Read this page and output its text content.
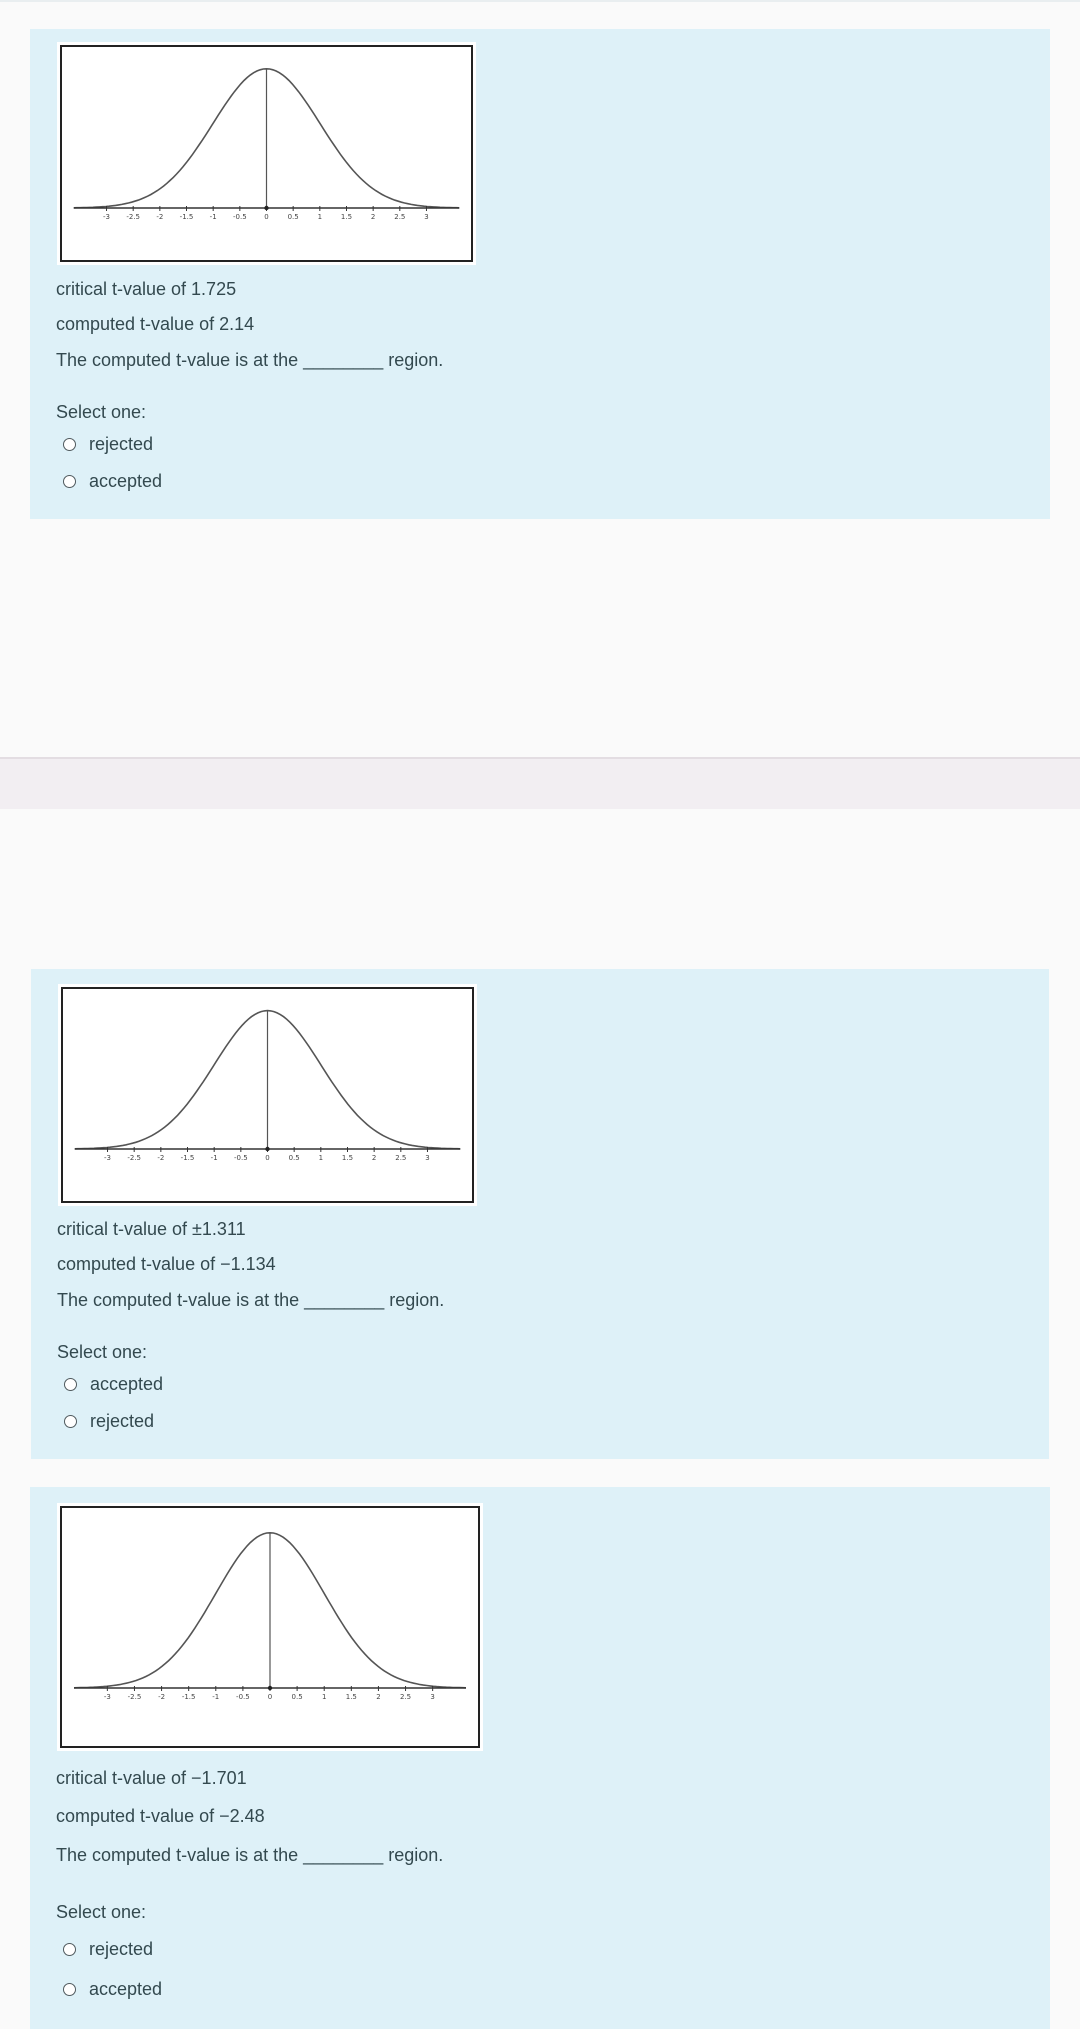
-3 -2.5 -2 -1.5 -1 -0.5	0	0.5	1	1.5	2	2.5	3
critical t-value of 1.725
computed t-value of 2.14
The computed t-value is at the ________ region.
Select one:
rejected
accepted
-3 -2.5 -2 -1.5 -1 -0.5	0	0.5	1	1.5	2	2.5	3
critical t-value of ±1.311
computed t-value of −1.134
The computed t-value is at the ________ region.
Select one:
accepted
rejected
-3 -2.5 -2 -1.5 -1 -0.5	0	0.5	1	1.5	2	2.5	3
critical t-value of −1.701
computed t-value of −2.48
The computed t-value is at the ________ region.
Select one:
rejected
accepted
